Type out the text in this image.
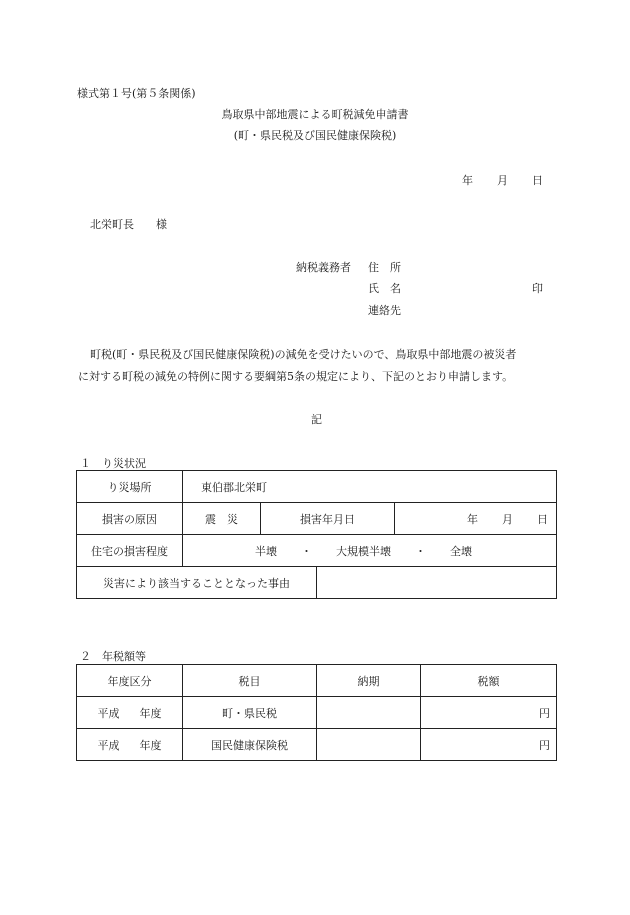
様式第１号(第５条関係)
鳥取県中部地震による町税減免申請書
(町・県民税及び国民健康保険税)
年 月 日
北栄町長 様
納税義務者 住　所
氏　名	印
連絡先
町税(町・県民税及び国民健康保険税)の減免を受けたいので、鳥取県中部地震の被災者
に対する町税の減免の特例に関する要綱第5条の規定により、下記のとおり申請します。
記
１　り災状況
り災場所	東伯郡北栄町			
損害の原因	震　災	損害年月日		年 月 日
住宅の損害程度	半壊 ・ 大規模半壊 ・ 全壊			
災害により該当することとなった事由				
２　年税額等
年度区分	税目	納期	税額
平成 年度	町・県民税		円
平成 年度	国民健康保険税		円
